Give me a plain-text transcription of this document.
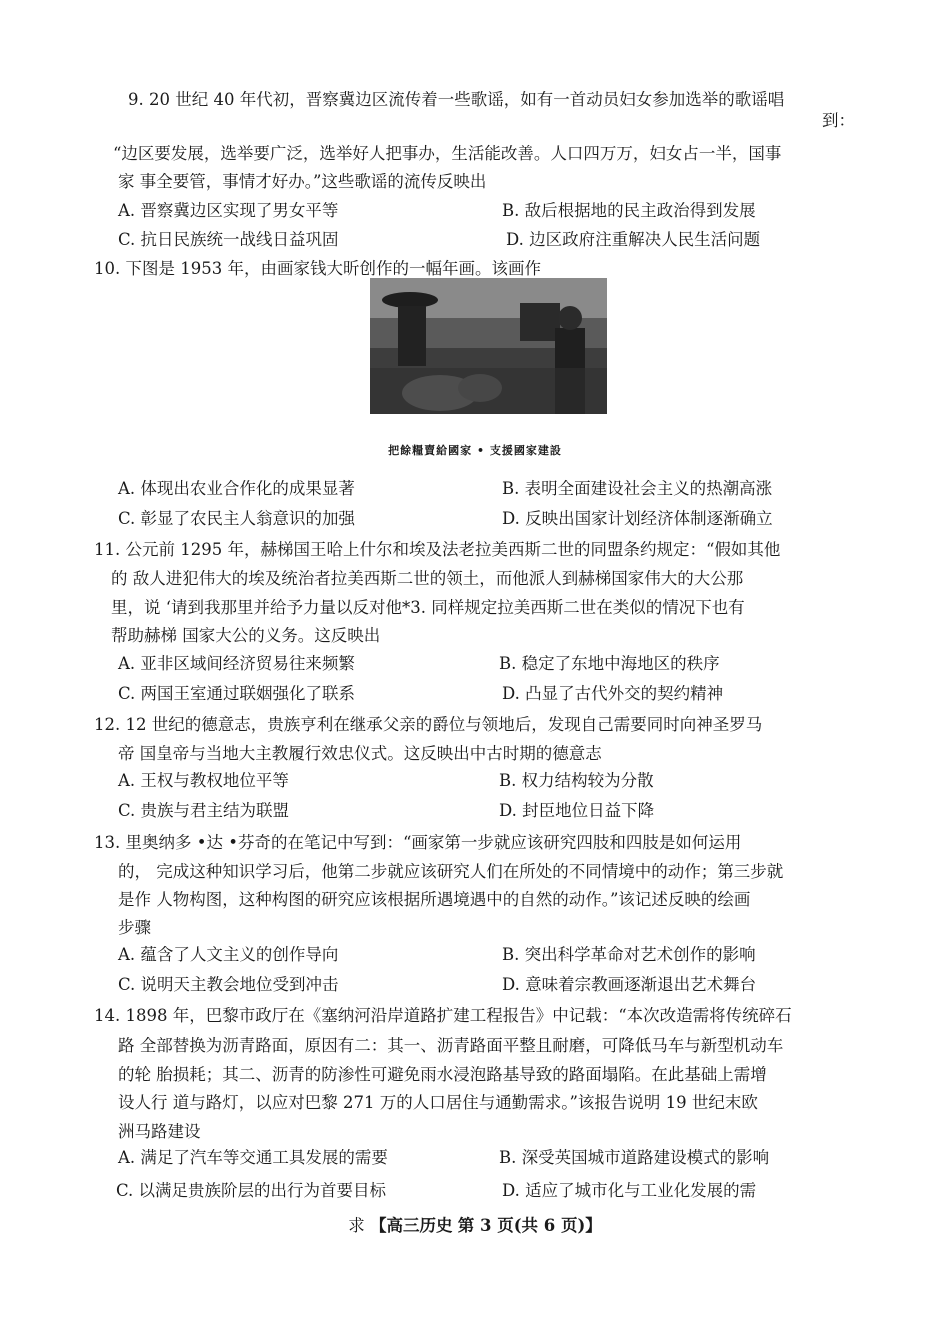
9. 20 世纪 40 年代初，晋察冀边区流传着一些歌谣，如有一首动员妇女参加选举的歌谣唱
到：
“边区要发展，选举要广泛，选举好人把事办，生活能改善。人口四万万，妇女占一半，国事
家 事全要管，事情才好办。”这些歌谣的流传反映出
A. 晋察冀边区实现了男女平等	B. 敌后根据地的民主政治得到发展
C. 抗日民族统一战线日益巩固	D. 边区政府注重解决人民生活问题
10. 下图是 1953 年，由画家钱大昕创作的一幅年画。该画作
把餘糧賣給國家 • 支援國家建設
A. 体现出农业合作化的成果显著	B. 表明全面建设社会主义的热潮高涨
C. 彰显了农民主人翁意识的加强	D. 反映出国家计划经济体制逐渐确立
11. 公元前 1295 年，赫梯国王哈上什尔和埃及法老拉美西斯二世的同盟条约规定：“假如其他
的 敌人进犯伟大的埃及统治者拉美西斯二世的领土，而他派人到赫梯国家伟大的大公那
里，说 ‘请到我那里并给予力量以反对他*3. 同样规定拉美西斯二世在类似的情况下也有
帮助赫梯 国家大公的义务。这反映出
A. 亚非区域间经济贸易往来频繁	B. 稳定了东地中海地区的秩序
C. 两国王室通过联姻强化了联系	D. 凸显了古代外交的契约精神
12. 12 世纪的德意志，贵族亨利在继承父亲的爵位与领地后，发现自己需要同时向神圣罗马
帝 国皇帝与当地大主教履行效忠仪式。这反映出中古时期的德意志
A. 王权与教权地位平等	B. 权力结构较为分散
C. 贵族与君主结为联盟	D. 封臣地位日益下降
13. 里奥纳多 •达 •芬奇的在笔记中写到：“画家第一步就应该研究四肢和四肢是如何运用
的， 完成这种知识学习后，他第二步就应该研究人们在所处的不同情境中的动作；第三步就
是作 人物构图，这种构图的研究应该根据所遇境遇中的自然的动作。”该记述反映的绘画
步骤
A. 蕴含了人文主义的创作导向	B. 突出科学革命对艺术创作的影响
C. 说明天主教会地位受到冲击	D. 意味着宗教画逐渐退出艺术舞台
14. 1898 年，巴黎市政厅在《塞纳河沿岸道路扩建工程报告》中记载：“本次改造需将传统碎石
路 全部替换为沥青路面，原因有二：其一、沥青路面平整且耐磨，可降低马车与新型机动车
的轮 胎损耗；其二、沥青的防渗性可避免雨水浸泡路基导致的路面塌陷。在此基础上需增
设人行 道与路灯，以应对巴黎 271 万的人口居住与通勤需求。”该报告说明 19 世纪末欧
洲马路建设
A. 满足了汽车等交通工具发展的需要	B. 深受英国城市道路建设模式的影响
C. 以满足贵族阶层的出行为首要目标	D. 适应了城市化与工业化发展的需
求 【高三历史 第 3 页(共 6 页)】
